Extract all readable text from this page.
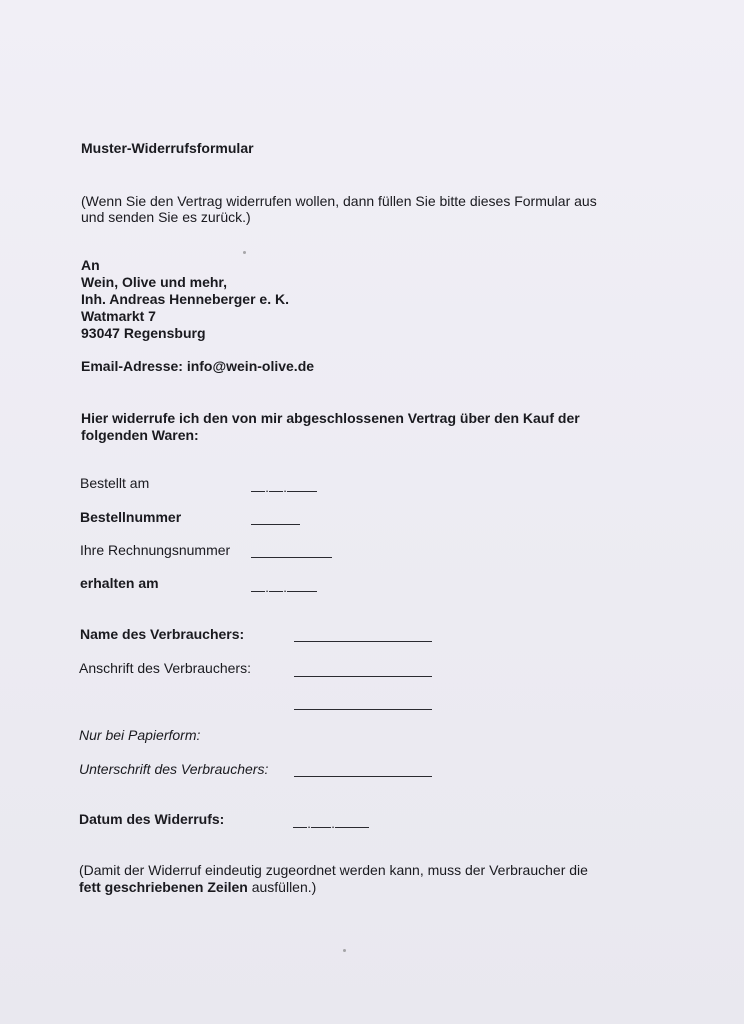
Muster-Widerrufsformular
(Wenn Sie den Vertrag widerrufen wollen, dann füllen Sie bitte dieses Formular aus
und senden Sie es zurück.)
An
Wein, Olive und mehr,
Inh. Andreas Henneberger e. K.
Watmarkt 7
93047 Regensburg
Email-Adresse: info@wein-olive.de
Hier widerrufe ich den von mir abgeschlossenen Vertrag über den Kauf der
folgenden Waren:
Bestellt am	. .
Bestellnummer
Ihre Rechnungsnummer
erhalten am	. .
Name des Verbrauchers:
Anschrift des Verbrauchers:
Nur bei Papierform:
Unterschrift des Verbrauchers:
Datum des Widerrufs:	. .
(Damit der Widerruf eindeutig zugeordnet werden kann, muss der Verbraucher die
fett geschriebenen Zeilen ausfüllen.)
